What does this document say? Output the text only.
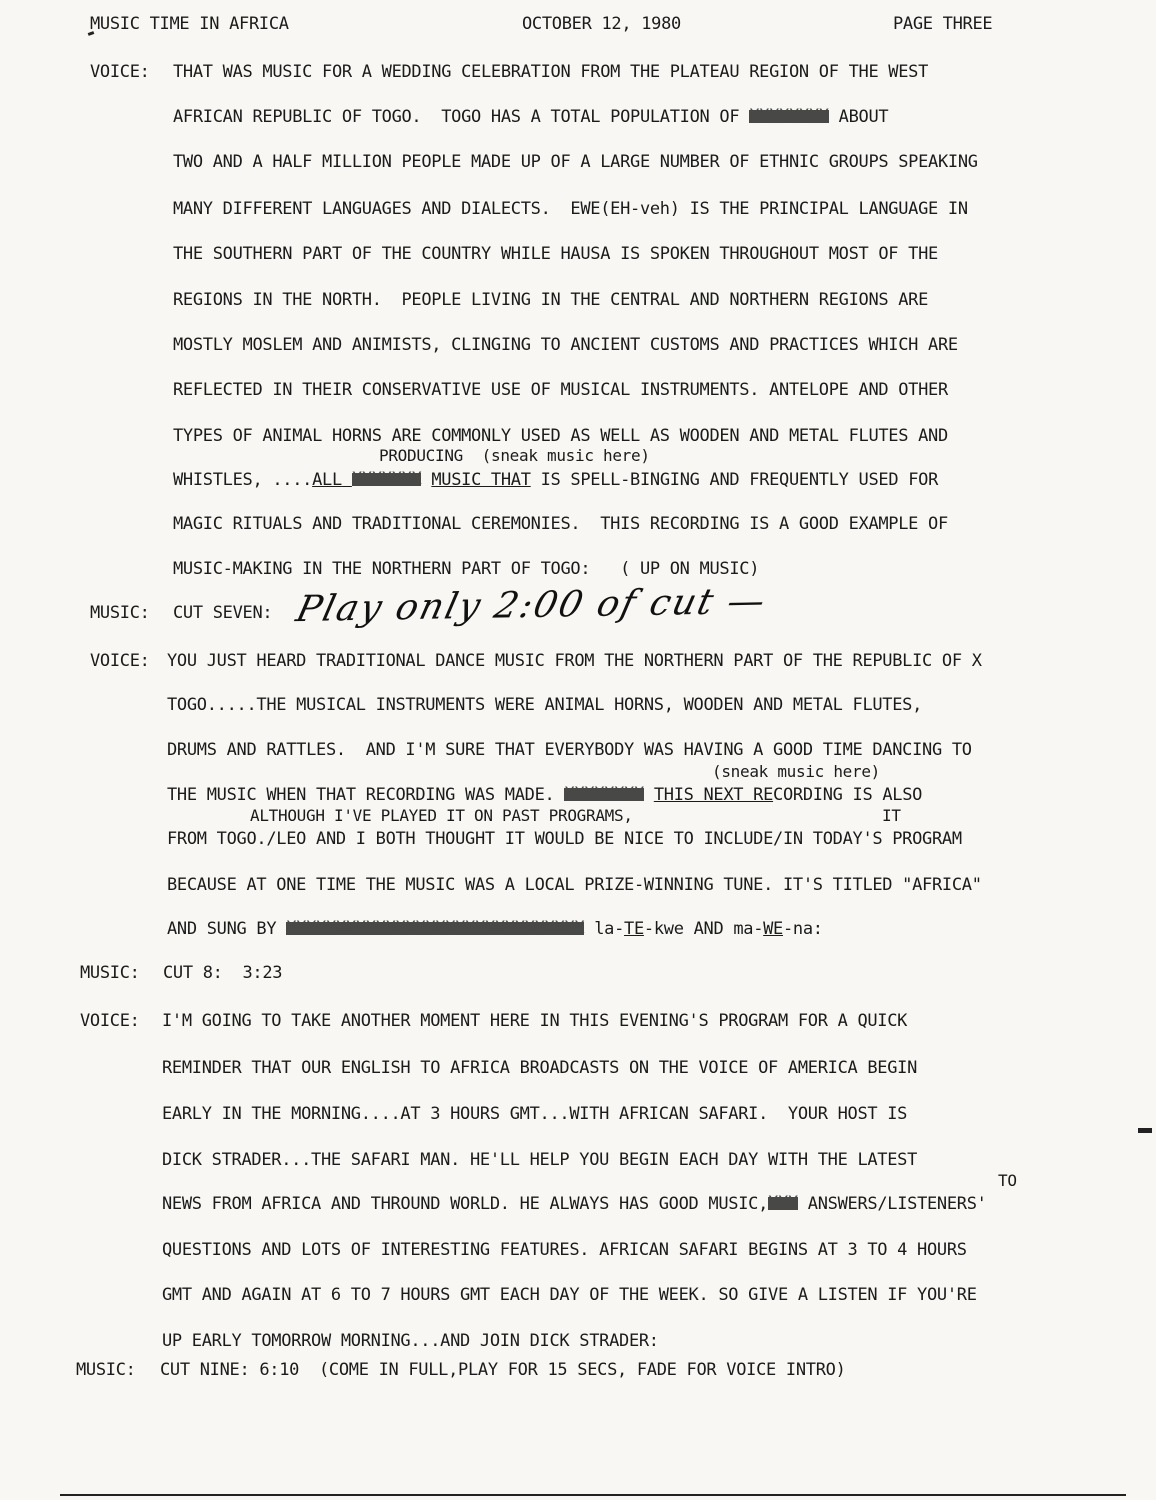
MUSIC TIME IN AFRICA	OCTOBER 12, 1980	PAGE THREE
VOICE: THAT WAS MUSIC FOR A WEDDING CELEBRATION FROM THE PLATEAU REGION OF THE WEST
AFRICAN REPUBLIC OF TOGO.  TOGO HAS A TOTAL POPULATION OF XXXXXXXX ABOUT
TWO AND A HALF MILLION PEOPLE MADE UP OF A LARGE NUMBER OF ETHNIC GROUPS SPEAKING
MANY DIFFERENT LANGUAGES AND DIALECTS.  EWE(EH-veh) IS THE PRINCIPAL LANGUAGE IN
THE SOUTHERN PART OF THE COUNTRY WHILE HAUSA IS SPOKEN THROUGHOUT MOST OF THE
REGIONS IN THE NORTH.  PEOPLE LIVING IN THE CENTRAL AND NORTHERN REGIONS ARE
MOSTLY MOSLEM AND ANIMISTS, CLINGING TO ANCIENT CUSTOMS AND PRACTICES WHICH ARE
REFLECTED IN THEIR CONSERVATIVE USE OF MUSICAL INSTRUMENTS. ANTELOPE AND OTHER
TYPES OF ANIMAL HORNS ARE COMMONLY USED AS WELL AS WOODEN AND METAL FLUTES AND
PRODUCING  (sneak music here)
WHISTLES, ....ALL XXXXXXX MUSIC THAT IS SPELL-BINGING AND FREQUENTLY USED FOR
MAGIC RITUALS AND TRADITIONAL CEREMONIES.  THIS RECORDING IS A GOOD EXAMPLE OF
MUSIC-MAKING IN THE NORTHERN PART OF TOGO:   ( UP ON MUSIC)
MUSIC: CUT SEVEN: Play only 2:00 of cut —
VOICE: YOU JUST HEARD TRADITIONAL DANCE MUSIC FROM THE NORTHERN PART OF THE REPUBLIC OF X
TOGO.....THE MUSICAL INSTRUMENTS WERE ANIMAL HORNS, WOODEN AND METAL FLUTES,
DRUMS AND RATTLES.  AND I'M SURE THAT EVERYBODY WAS HAVING A GOOD TIME DANCING TO
(sneak music here)
THE MUSIC WHEN THAT RECORDING WAS MADE. XXXXXXXX THIS NEXT RECORDING IS ALSO
ALTHOUGH I'VE PLAYED IT ON PAST PROGRAMS,	IT
FROM TOGO./LEO AND I BOTH THOUGHT IT WOULD BE NICE TO INCLUDE/IN TODAY'S PROGRAM
BECAUSE AT ONE TIME THE MUSIC WAS A LOCAL PRIZE-WINNING TUNE. IT'S TITLED "AFRICA"
AND SUNG BY XXXXXXXXXXXXXXXXXXXXXXXXXXXXXX la-TE-kwe AND ma-WE-na:
MUSIC: CUT 8:  3:23
VOICE: I'M GOING TO TAKE ANOTHER MOMENT HERE IN THIS EVENING'S PROGRAM FOR A QUICK
REMINDER THAT OUR ENGLISH TO AFRICA BROADCASTS ON THE VOICE OF AMERICA BEGIN
EARLY IN THE MORNING....AT 3 HOURS GMT...WITH AFRICAN SAFARI.  YOUR HOST IS
DICK STRADER...THE SAFARI MAN. HE'LL HELP YOU BEGIN EACH DAY WITH THE LATEST
TO
NEWS FROM AFRICA AND THROUND WORLD. HE ALWAYS HAS GOOD MUSIC,XXX ANSWERS/LISTENERS'
QUESTIONS AND LOTS OF INTERESTING FEATURES. AFRICAN SAFARI BEGINS AT 3 TO 4 HOURS
GMT AND AGAIN AT 6 TO 7 HOURS GMT EACH DAY OF THE WEEK. SO GIVE A LISTEN IF YOU'RE
UP EARLY TOMORROW MORNING...AND JOIN DICK STRADER:
MUSIC: CUT NINE: 6:10  (COME IN FULL,PLAY FOR 15 SECS, FADE FOR VOICE INTRO)
